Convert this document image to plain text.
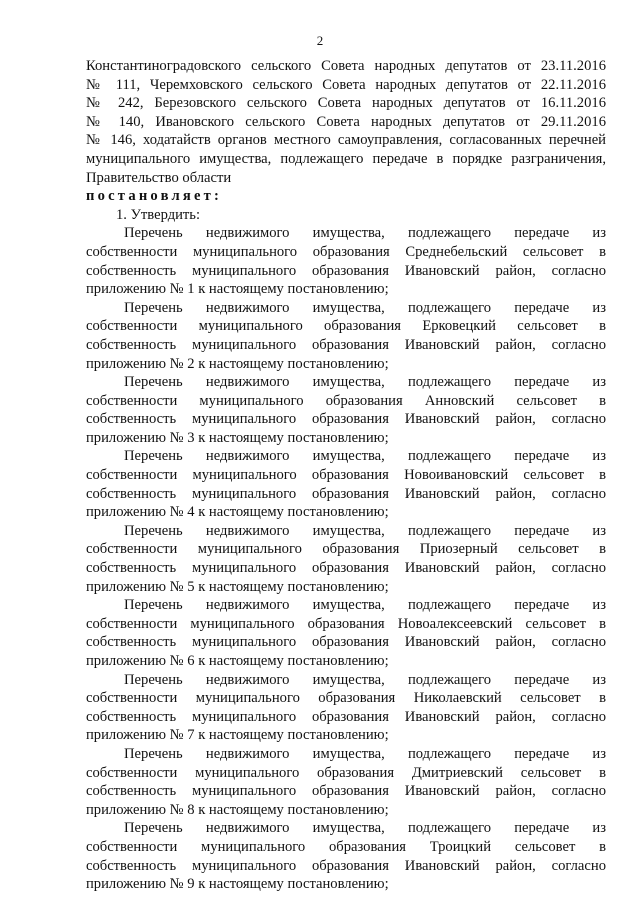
2
Константиноградовского сельского Совета народных депутатов от 23.11.2016
№ 111, Черемховского сельского Совета народных депутатов от 22.11.2016
№ 242, Березовского сельского Совета народных депутатов от 16.11.2016
№ 140, Ивановского сельского Совета народных депутатов от 29.11.2016
№ 146, ходатайств органов местного самоуправления, согласованных перечней
муниципального имущества, подлежащего передаче в порядке разграничения,
Правительство области
постановляет:
1. Утвердить:
Перечень недвижимого имущества, подлежащего передаче из
собственности муниципального образования Среднебельский сельсовет в
собственность муниципального образования Ивановский район, согласно
приложению № 1 к настоящему постановлению;
Перечень недвижимого имущества, подлежащего передаче из
собственности муниципального образования Ерковецкий сельсовет в
собственность муниципального образования Ивановский район, согласно
приложению № 2 к настоящему постановлению;
Перечень недвижимого имущества, подлежащего передаче из
собственности муниципального образования Анновский сельсовет в
собственность муниципального образования Ивановский район, согласно
приложению № 3 к настоящему постановлению;
Перечень недвижимого имущества, подлежащего передаче из
собственности муниципального образования Новоивановский сельсовет в
собственность муниципального образования Ивановский район, согласно
приложению № 4 к настоящему постановлению;
Перечень недвижимого имущества, подлежащего передаче из
собственности муниципального образования Приозерный сельсовет в
собственность муниципального образования Ивановский район, согласно
приложению № 5 к настоящему постановлению;
Перечень недвижимого имущества, подлежащего передаче из
собственности муниципального образования Новоалексеевский сельсовет в
собственность муниципального образования Ивановский район, согласно
приложению № 6 к настоящему постановлению;
Перечень недвижимого имущества, подлежащего передаче из
собственности муниципального образования Николаевский сельсовет в
собственность муниципального образования Ивановский район, согласно
приложению № 7 к настоящему постановлению;
Перечень недвижимого имущества, подлежащего передаче из
собственности муниципального образования Дмитриевский сельсовет в
собственность муниципального образования Ивановский район, согласно
приложению № 8 к настоящему постановлению;
Перечень недвижимого имущества, подлежащего передаче из
собственности муниципального образования Троицкий сельсовет в
собственность муниципального образования Ивановский район, согласно
приложению № 9 к настоящему постановлению;
